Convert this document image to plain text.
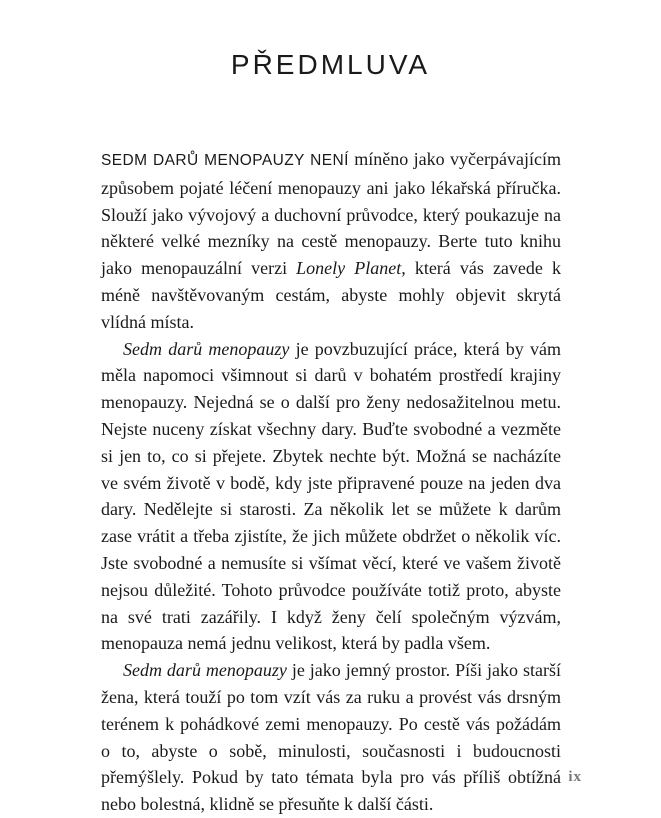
PŘEDMLUVA

SEDM DARŮ MENOPAUZY NENÍ míněno jako vyčerpávajícím způsobem pojaté léčení menopauzy ani jako lékařská příručka. Slouží jako vývojový a duchovní průvodce, který poukazuje na některé velké mezníky na cestě menopauzy. Berte tuto knihu jako menopauzální verzi Lonely Planet, která vás zavede k méně navštěvovaným cestám, abyste mohly objevit skrytá vlídná místa.

Sedm darů menopauzy je povzbuzující práce, která by vám měla napomoci všimnout si darů v bohatém prostředí krajiny menopauzy. Nejedná se o další pro ženy nedosažitelnou metu. Nejste nuceny získat všechny dary. Buďte svobodné a vezměte si jen to, co si přejete. Zbytek nechte být. Možná se nacházíte ve svém životě v bodě, kdy jste připravené pouze na jeden dva dary. Nedělejte si starosti. Za několik let se můžete k darům zase vrátit a třeba zjistíte, že jich můžete obdržet o několik víc. Jste svobodné a nemusíte si všímat věcí, které ve vašem životě nejsou důležité. Tohoto průvodce používáte totiž proto, abyste na své trati zazářily. I když ženy čelí společným výzvám, menopauza nemá jednu velikost, která by padla všem.

Sedm darů menopauzy je jako jemný prostor. Píši jako starší žena, která touží po tom vzít vás za ruku a provést vás drsným terénem k pohádkové zemi menopauzy. Po cestě vás požádám o to, abyste o sobě, minulosti, současnosti i budoucnosti přemýšlely. Pokud by tato témata byla pro vás příliš obtížná nebo bolestná, klidně se přesuňte k další části.

ix
